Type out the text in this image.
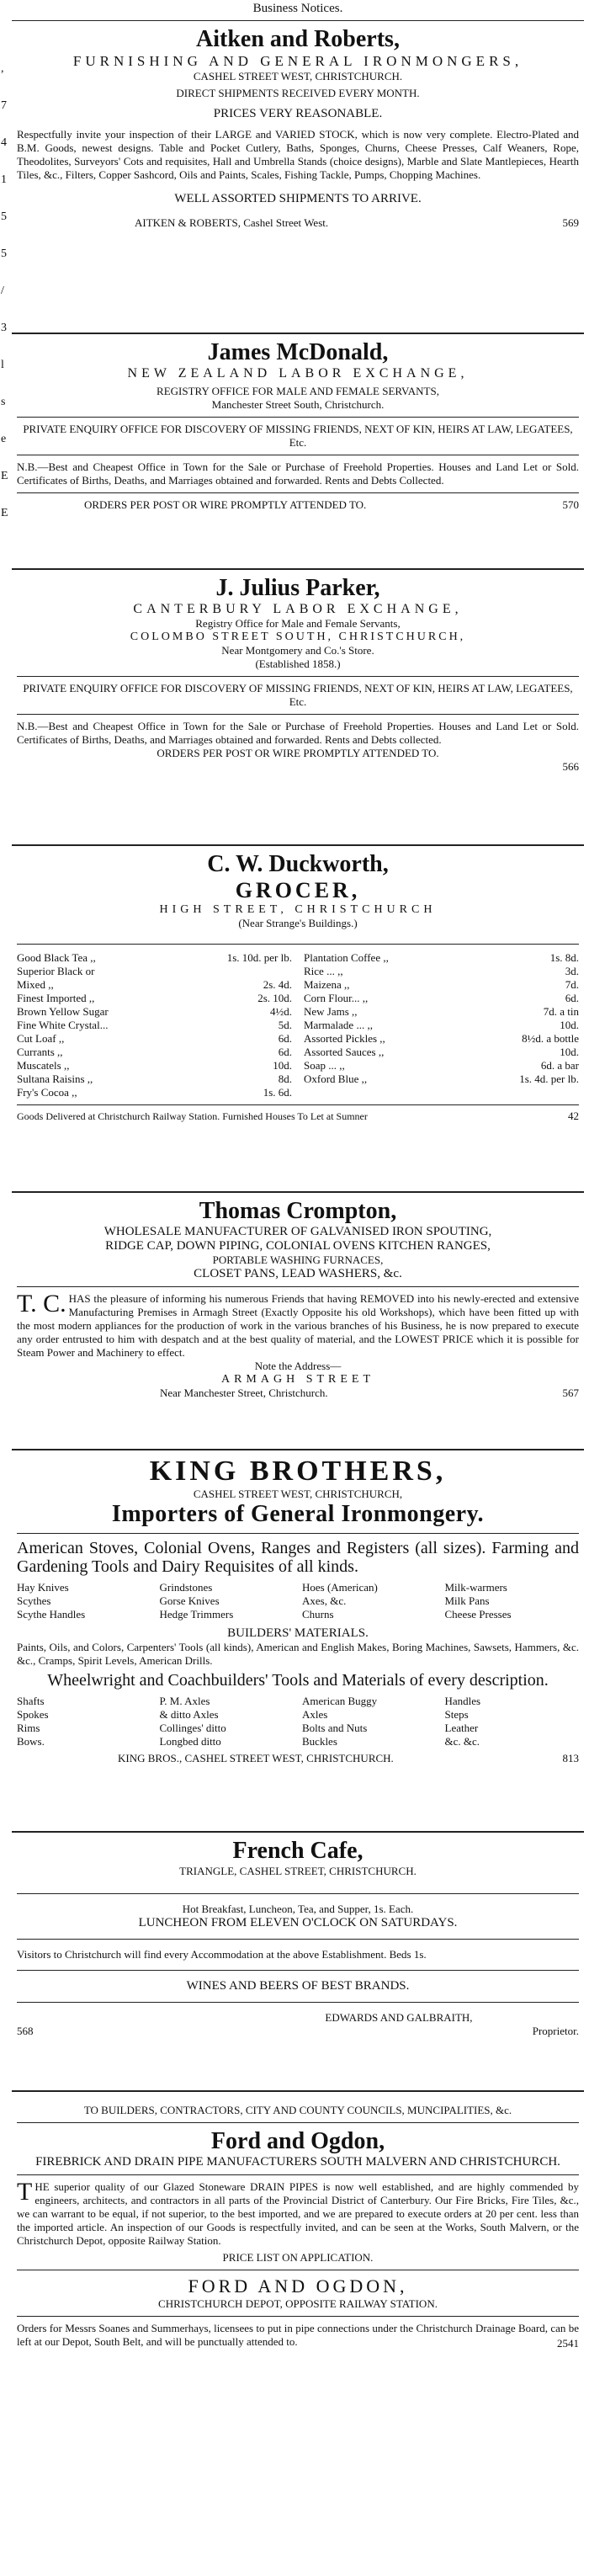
Business Notices.
,
7
4
1
5
5
/
3
l
s
e
E
E
Aitken and Roberts,
FURNISHING AND GENERAL IRONMONGERS,
CASHEL STREET WEST, CHRISTCHURCH.
DIRECT SHIPMENTS RECEIVED EVERY MONTH.
PRICES VERY REASONABLE.
Respectfully invite your inspection of their LARGE and VARIED STOCK, which is now very complete. Electro-Plated and B.M. Goods, newest designs. Table and Pocket Cutlery, Baths, Sponges, Churns, Cheese Presses, Calf Weaners, Rope, Theodolites, Surveyors' Cots and requisites, Hall and Umbrella Stands (choice designs), Marble and Slate Mantlepieces, Hearth Tiles, &c., Filters, Copper Sashcord, Oils and Paints, Scales, Fishing Tackle, Pumps, Chopping Machines.
WELL ASSORTED SHIPMENTS TO ARRIVE.
AITKEN & ROBERTS, Cashel Street West.	569
James McDonald,
NEW ZEALAND LABOR EXCHANGE,
REGISTRY OFFICE FOR MALE AND FEMALE SERVANTS,
Manchester Street South, Christchurch.
PRIVATE ENQUIRY OFFICE FOR DISCOVERY OF MISSING FRIENDS, NEXT OF KIN, HEIRS AT LAW, LEGATEES, Etc.
N.B.—Best and Cheapest Office in Town for the Sale or Purchase of Freehold Properties. Houses and Land Let or Sold. Certificates of Births, Deaths, and Marriages obtained and forwarded. Rents and Debts Collected.
ORDERS PER POST OR WIRE PROMPTLY ATTENDED TO.	570
J. Julius Parker,
CANTERBURY LABOR EXCHANGE,
Registry Office for Male and Female Servants,
COLOMBO STREET SOUTH, CHRISTCHURCH,
Near Montgomery and Co.'s Store.
(Established 1858.)
PRIVATE ENQUIRY OFFICE FOR DISCOVERY OF MISSING FRIENDS, NEXT OF KIN, HEIRS AT LAW, LEGATEES, Etc.
N.B.—Best and Cheapest Office in Town for the Sale or Purchase of Freehold Properties. Houses and Land Let or Sold. Certificates of Births, Deaths, and Marriages obtained and forwarded. Rents and Debts collected.
ORDERS PER POST OR WIRE PROMPTLY ATTENDED TO.
566
C. W. Duckworth,
GROCER,
HIGH STREET, CHRISTCHURCH
(Near Strange's Buildings.)
Good Black Tea ,,	1s. 10d. per lb.
Superior Black or
Mixed ,,	2s. 4d.
Finest Imported ,,	2s. 10d.
Brown Yellow Sugar	4½d.
Fine White Crystal...	5d.
Cut Loaf ,,	6d.
Currants ,,	6d.
Muscatels ,,	10d.
Sultana Raisins ,,	8d.
Fry's Cocoa ,,	1s. 6d.
Plantation Coffee ,,	1s. 8d.
Rice ... ,,	3d.
Maizena ,,	7d.
Corn Flour... ,,	6d.
New Jams ,,	7d. a tin
Marmalade ... ,,	10d.
Assorted Pickles ,,	8½d. a bottle
Assorted Sauces ,,	10d.
Soap ... ,,	6d. a bar
Oxford Blue ,,	1s. 4d. per lb.
Goods Delivered at Christchurch Railway Station. Furnished Houses To Let at Sumner	42
Thomas Crompton,
WHOLESALE MANUFACTURER OF GALVANISED IRON SPOUTING,
RIDGE CAP, DOWN PIPING, COLONIAL OVENS KITCHEN RANGES,
PORTABLE WASHING FURNACES,
CLOSET PANS, LEAD WASHERS, &c.
T. C. HAS the pleasure of informing his numerous Friends that having REMOVED into his newly-erected and extensive Manufacturing Premises in Armagh Street (Exactly Opposite his old Workshops), which have been fitted up with the most modern appliances for the production of work in the various branches of his Business, he is now prepared to execute any order entrusted to him with despatch and at the best quality of material, and the LOWEST PRICE which it is possible for Steam Power and Machinery to effect.
Note the Address—
ARMAGH STREET
Near Manchester Street, Christchurch.	567
KING BROTHERS,
CASHEL STREET WEST, CHRISTCHURCH,
Importers of General Ironmongery.
American Stoves, Colonial Ovens, Ranges and Registers (all sizes). Farming and Gardening Tools and Dairy Requisites of all kinds.
Hay Knives	Grindstones	Hoes (American)	Milk-warmers
Scythes	Gorse Knives	Axes, &c.	Milk Pans
Scythe Handles	Hedge Trimmers	Churns	Cheese Presses
BUILDERS' MATERIALS.
Paints, Oils, and Colors, Carpenters' Tools (all kinds), American and English Makes, Boring Machines, Sawsets, Hammers, &c. &c., Cramps, Spirit Levels, American Drills.
Wheelwright and Coachbuilders' Tools and Materials of every description.
Shafts	P. M. Axles	American Buggy	Handles
Spokes	& ditto Axles	Axles	Steps
Rims	Collinges' ditto	Bolts and Nuts	Leather
Bows.	Longbed ditto	Buckles	&c. &c.
KING BROS., CASHEL STREET WEST, CHRISTCHURCH.	813
French Cafe,
TRIANGLE, CASHEL STREET, CHRISTCHURCH.
Hot Breakfast, Luncheon, Tea, and Supper, 1s. Each.
LUNCHEON FROM ELEVEN O'CLOCK ON SATURDAYS.
Visitors to Christchurch will find every Accommodation at the above Establishment. Beds 1s.
WINES AND BEERS OF BEST BRANDS.
EDWARDS AND GALBRAITH,
568	Proprietor.
TO BUILDERS, CONTRACTORS, CITY AND COUNTY COUNCILS, MUNCIPALITIES, &c.
Ford and Ogdon,
FIREBRICK AND DRAIN PIPE MANUFACTURERS SOUTH MALVERN AND CHRISTCHURCH.
T HE superior quality of our Glazed Stoneware DRAIN PIPES is now well established, and are highly commended by engineers, architects, and contractors in all parts of the Provincial District of Canterbury. Our Fire Bricks, Fire Tiles, &c., we can warrant to be equal, if not superior, to the best imported, and we are prepared to execute orders at 20 per cent. less than the imported article. An inspection of our Goods is respectfully invited, and can be seen at the Works, South Malvern, or the Christchurch Depot, opposite Railway Station.
PRICE LIST ON APPLICATION.
FORD AND OGDON,
CHRISTCHURCH DEPOT, OPPOSITE RAILWAY STATION.
Orders for Messrs Soanes and Summerhays, licensees to put in pipe connections under the Christchurch Drainage Board, can be left at our Depot, South Belt, and will be punctually attended to.	2541
